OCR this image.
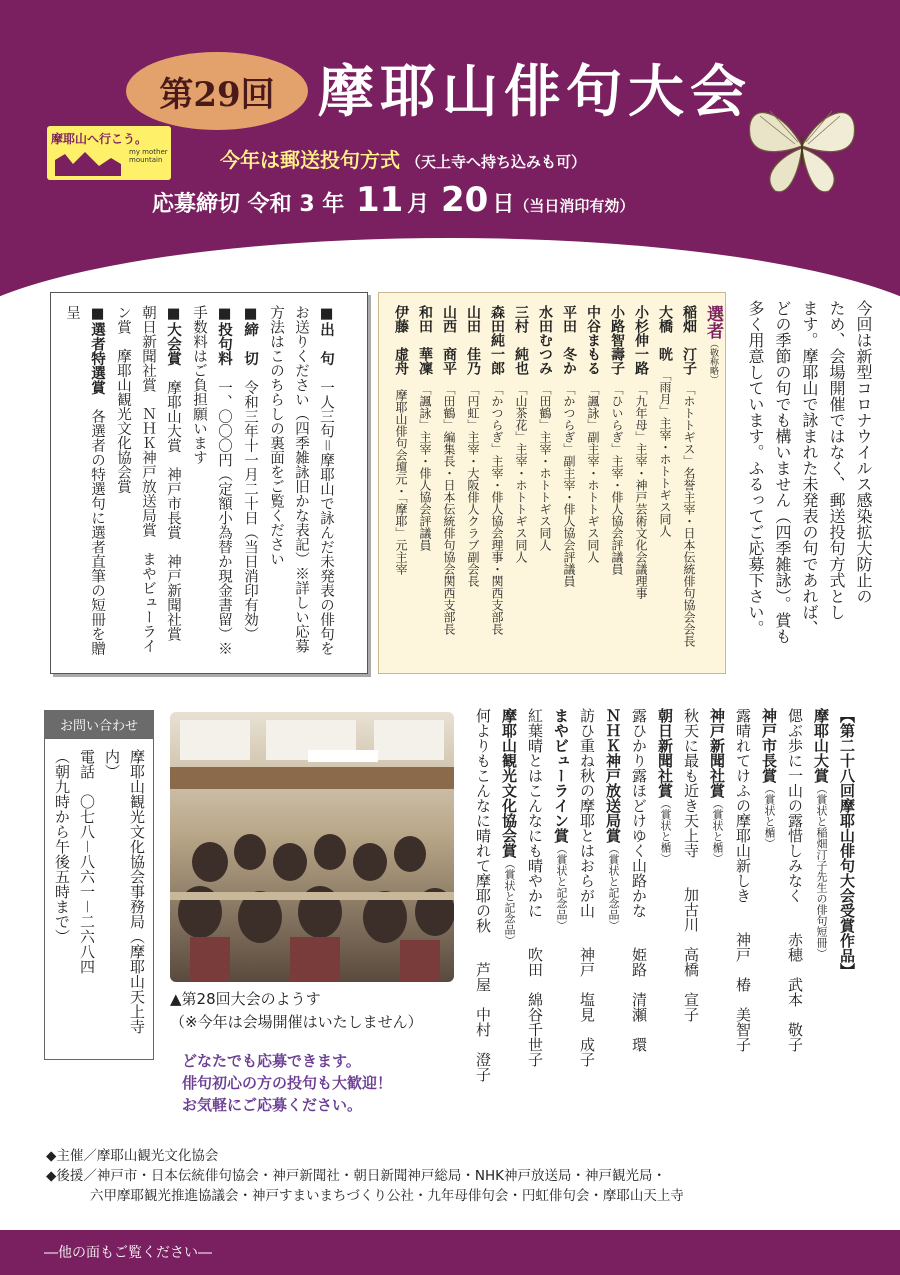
第29回 摩耶山俳句大会
摩耶山へ行こう。
my mother mountain	今年は郵送投句方式 （天上寺へ持ち込みも可）
応募締切 令和 3 年 11 月 20 日（当日消印有効）
今回は新型コロナウイルス感染拡大防止の
ため、会場開催ではなく、郵送投句方式とし
ます。摩耶山で詠まれた未発表の句であれば、
どの季節の句でも構いません（四季雑詠）。賞も
多く用意しています。ふるってご応募下さい。
選者（敬称略）
稲畑　汀子　「ホトトギス」名誉主宰・日本伝統俳句協会会長
大橋　晄　「雨月」主宰・ホトトギス同人
小杉伸一路　「九年母」主宰・神戸芸術文化会議理事
小路智壽子　「ひいらぎ」主宰・俳人協会評議員
中谷まもる　「諷詠」副主宰・ホトトギス同人
平田　冬か　「かつらぎ」副主宰・俳人協会評議員
水田むつみ　「田鶴」主宰・ホトトギス同人
三村　純也　「山茶花」主宰・ホトトギス同人
森田純一郎　「かつらぎ」主宰・俳人協会理事・関西支部長
山田　佳乃　「円虹」主宰・大阪俳人クラブ副会長
山西　商平　「田鶴」編集長・日本伝統俳句協会関西支部長
和田　華凜　「諷詠」主宰・俳人協会評議員
伊藤　虚舟　摩耶山俳句会壇元・「摩耶」元主宰
■出　句　一人三句＝摩耶山で詠んだ未発表の俳句をお送りください（四季雑詠旧かな表記）※詳しい応募方法はこのちらしの裏面をご覧ください
■締　切　令和三年十一月二十日（当日消印有効）
■投句料　一、〇〇〇円（定額小為替か現金書留）※手数料はご負担願います
■大会賞　摩耶山大賞　神戸市長賞　神戸新聞社賞　朝日新聞社賞　ＮＨＫ神戸放送局賞　まやビューライン賞　摩耶山観光文化協会賞
■選者特選賞　各選者の特選句に選者直筆の短冊を贈呈
お問い合わせ
摩耶山観光文化協会事務局（摩耶山天上寺内）
電話　〇七八－八六一－二六八四
（朝九時から午後五時まで）
▲第28回大会のようす
（※今年は会場開催はいたしません）
どなたでも応募できます。
俳句初心の方の投句も大歓迎！
お気軽にご応募ください。
【第二十八回摩耶山俳句大会受賞作品】
摩耶山大賞（賞状と稲畑汀子先生の俳句短冊）
偲ぶ歩に一山の露惜しみなく　赤穂　武本　敬子
神戸市長賞（賞状と楯）
露晴れてけふの摩耶山新しき　神戸　椿　美智子
神戸新聞社賞（賞状と楯）
秋天に最も近き天上寺　加古川　高橋　宣子
朝日新聞社賞（賞状と楯）
露ひかり露ほどけゆく山路かな　姫路　清瀬　環
ＮＨＫ神戸放送局賞（賞状と記念品）
訪ひ重ね秋の摩耶とはおらが山　神戸　塩見　成子
まやビューライン賞（賞状と記念品）
紅葉晴とはこんなにも晴やかに　吹田　綿谷千世子
摩耶山観光文化協会賞（賞状と記念品）
何よりもこんなに晴れて摩耶の秋　芦屋　中村　澄子
◆主催／摩耶山観光文化協会
◆後援／神戸市・日本伝統俳句協会・神戸新聞社・朝日新聞神戸総局・NHK神戸放送局・神戸観光局・
六甲摩耶観光推進協議会・神戸すまいまちづくり公社・九年母俳句会・円虹俳句会・摩耶山天上寺
―他の面もご覧ください―
